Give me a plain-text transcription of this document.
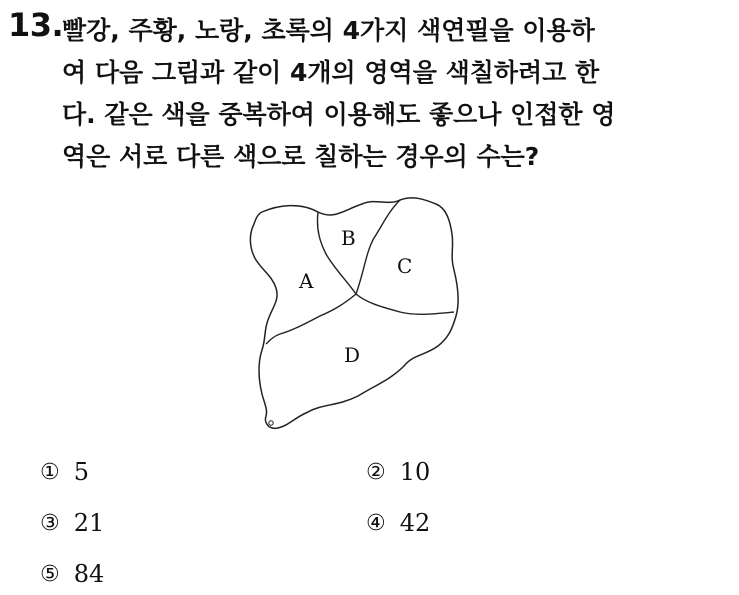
13.
빨강, 주황, 노랑, 초록의 4가지 색연필을 이용하
여 다음 그림과 같이 4개의 영역을 색칠하려고 한
다. 같은 색을 중복하여 이용해도 좋으나 인접한 영
역은 서로 다른 색으로 칠하는 경우의 수는?
A
B
C
D
① 5	② 10
③ 21	④ 42
⑤ 84
